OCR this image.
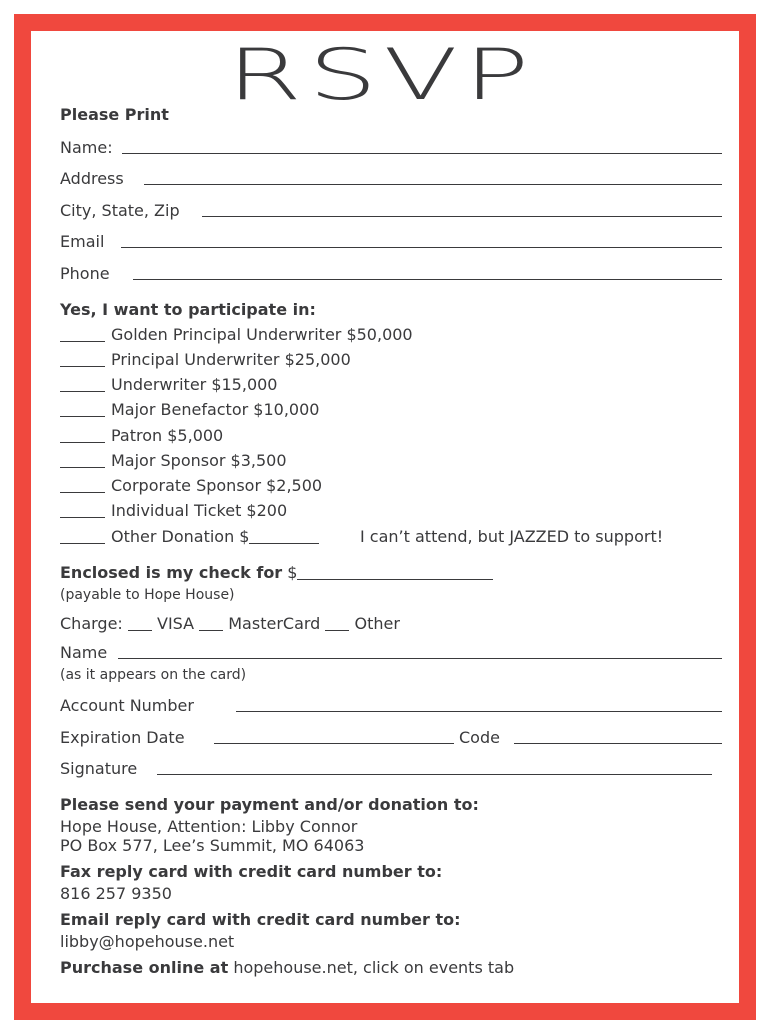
RSVP
Please Print
Name:
Address
City, State, Zip
Email
Phone
Yes, I want to participate in:
Golden Principal Underwriter $50,000
Principal Underwriter $25,000
Underwriter $15,000
Major Benefactor $10,000
Patron $5,000
Major Sponsor $3,500
Corporate Sponsor $2,500
Individual Ticket $200
Other Donation $	I can’t attend, but JAZZED to support!
Enclosed is my check for $
(payable to Hope House)
Charge: VISA MasterCard Other
Name
(as it appears on the card)
Account Number
Expiration Date	Code
Signature
Please send your payment and/or donation to:
Hope House, Attention: Libby Connor
PO Box 577, Lee’s Summit, MO 64063
Fax reply card with credit card number to:
816 257 9350
Email reply card with credit card number to:
libby@hopehouse.net
Purchase online at hopehouse.net, click on events tab
